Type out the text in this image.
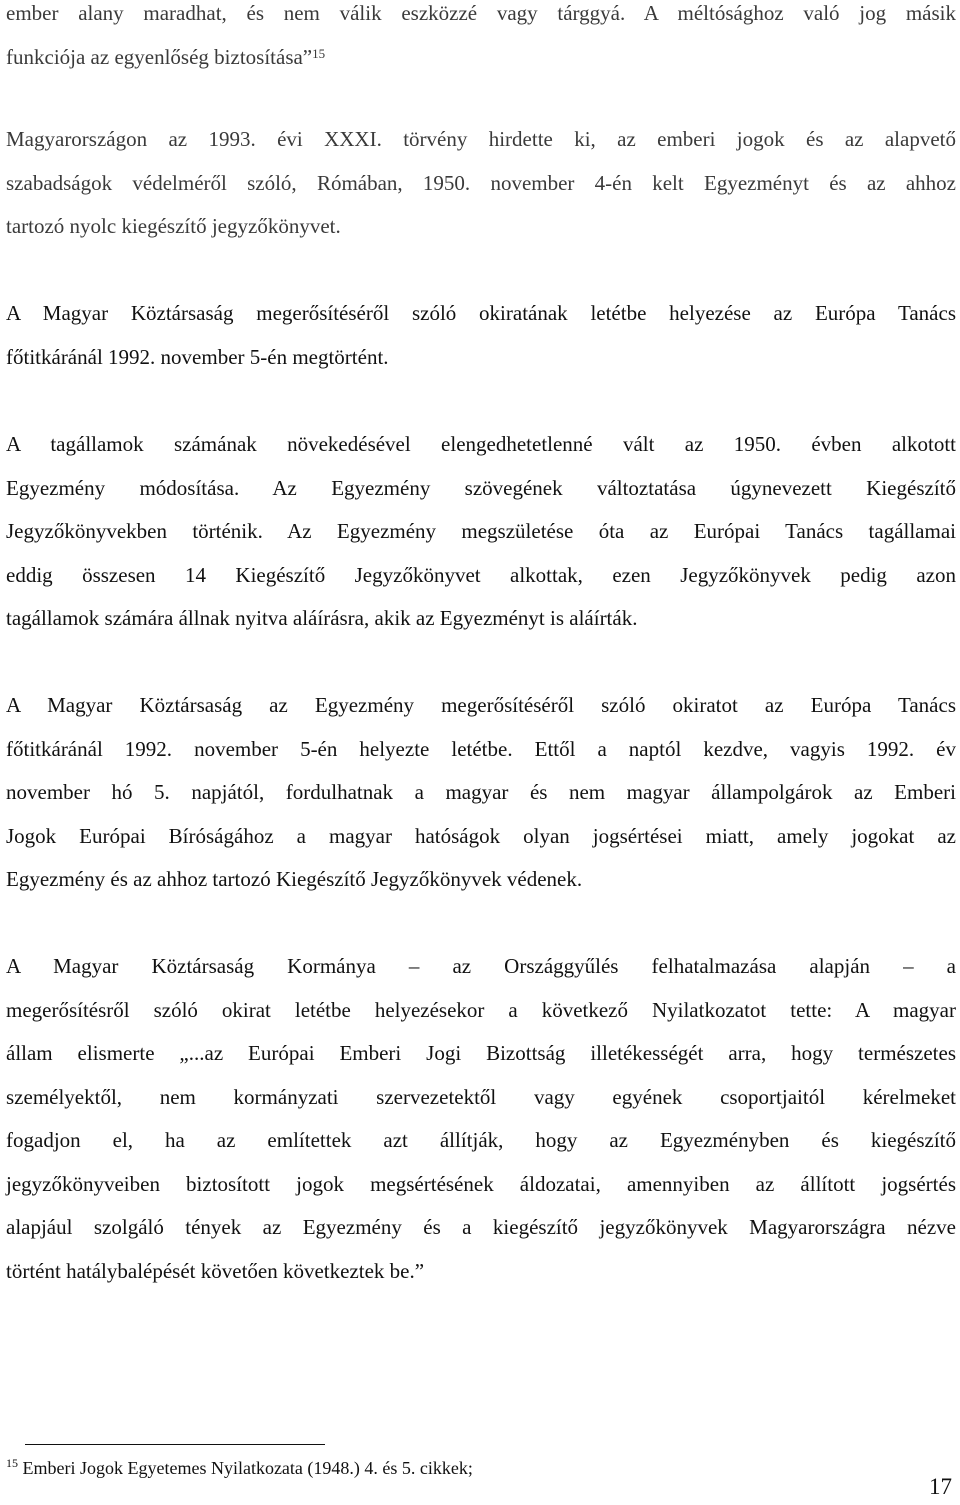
ember alany maradhat, és nem válik eszközzé vagy tárggyá. A méltósághoz való jog másik
funkciója az egyenlőség biztosítása”$^{15}$

Magyarországon az 1993. évi XXXI. törvény hirdette ki, az emberi jogok és az alapvető
szabadságok védelméről szóló, Rómában, 1950. november 4-én kelt Egyezményt és az ahhoz
tartozó nyolc kiegészítő jegyzőkönyvet.

A Magyar Köztársaság megerősítéséről szóló okiratának letétbe helyezése az Európa Tanács
főtitkáránál 1992. november 5-én megtörtént.

A tagállamok számának növekedésével elengedhetetlenné vált az 1950. évben alkotott
Egyezmény módosítása. Az Egyezmény szövegének változtatása úgynevezett Kiegészítő
Jegyzőkönyvekben történik. Az Egyezmény megszületése óta az Európai Tanács tagállamai
eddig összesen 14 Kiegészítő Jegyzőkönyvet alkottak, ezen Jegyzőkönyvek pedig azon
tagállamok számára állnak nyitva aláírásra, akik az Egyezményt is aláírták.

A Magyar Köztársaság az Egyezmény megerősítéséről szóló okiratot az Európa Tanács
főtitkáránál 1992. november 5-én helyezte letétbe. Ettől a naptól kezdve, vagyis 1992. év
november hó 5. napjától, fordulhatnak a magyar és nem magyar állampolgárok az Emberi
Jogok Európai Bíróságához a magyar hatóságok olyan jogsértései miatt, amely jogokat az
Egyezmény és az ahhoz tartozó Kiegészítő Jegyzőkönyvek védenek.

A Magyar Köztársaság Kormánya – az Országgyűlés felhatalmazása alapján – a
megerősítésről szóló okirat letétbe helyezésekor a következő Nyilatkozatot tette: A magyar
állam elismerte „...az Európai Emberi Jogi Bizottság illetékességét arra, hogy természetes
személyektől, nem kormányzati szervezetektől vagy egyének csoportjaitól kérelmeket
fogadjon el, ha az említettek azt állítják, hogy az Egyezményben és kiegészítő
jegyzőkönyveiben biztosított jogok megsértésének áldozatai, amennyiben az állított jogsértés
alapjául szolgáló tények az Egyezmény és a kiegészítő jegyzőkönyvek Magyarországra nézve
történt hatálybalépését követően következtek be.”

$^{15}$ Emberi Jogok Egyetemes Nyilatkozata (1948.) 4. és 5. cikkek;
17
